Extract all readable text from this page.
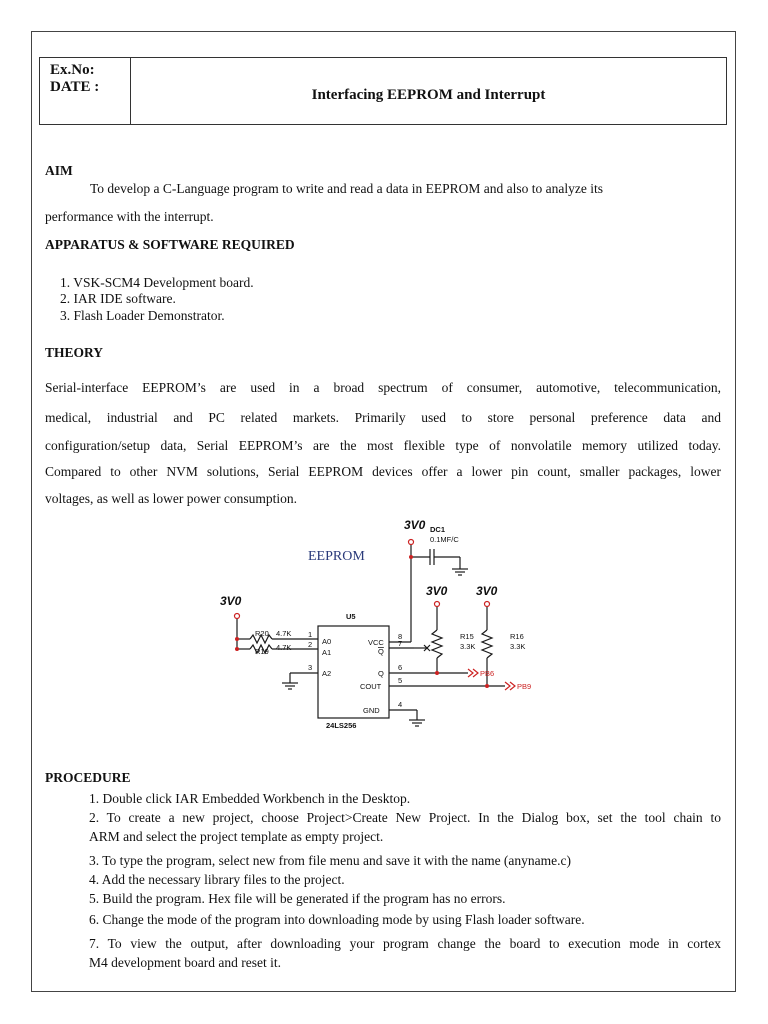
Ex.No:
DATE :	Interfacing EEPROM and Interrupt
AIM
To develop a C-Language program to write and read a data in EEPROM and also to analyze its
performance with the interrupt.
APPARATUS & SOFTWARE REQUIRED
1. VSK-SCM4 Development board.
2. IAR IDE software.
3. Flash Loader Demonstrator.
THEORY
Serial-interface EEPROM’s are used in a broad spectrum of consumer, automotive, telecommunication,
medical, industrial and PC related markets. Primarily used to store personal preference data and
configuration/setup data, Serial EEPROM’s are the most flexible type of nonvolatile memory utilized today.
Compared to other NVM solutions, Serial EEPROM devices offer a lower pin count, smaller packages, lower
voltages, as well as lower power consumption.
3V0
3V0
3V0 3V0
EEPROM
DC1
0.1MF/C
U5
24LS256
R20
R19
4.7K
4.7K
A0
A1
A2
VCC
Q
Q
COUT
GND
1
2
3
4
5
6
7
8	R15
3.3K
R16
3.3K
PB6
PB9
PROCEDURE
1. Double click IAR Embedded Workbench in the Desktop.
2. To create a new project, choose Project>Create New Project. In the Dialog box, set the tool chain to
ARM and select the project template as empty project.
3. To type the program, select new from file menu and save it with the name (anyname.c)
4. Add the necessary library files to the project.
5. Build the program. Hex file will be generated if the program has no errors.
6. Change the mode of the program into downloading mode by using Flash loader software.
7. To view the output, after downloading your program change the board to execution mode in cortex
M4 development board and reset it.
